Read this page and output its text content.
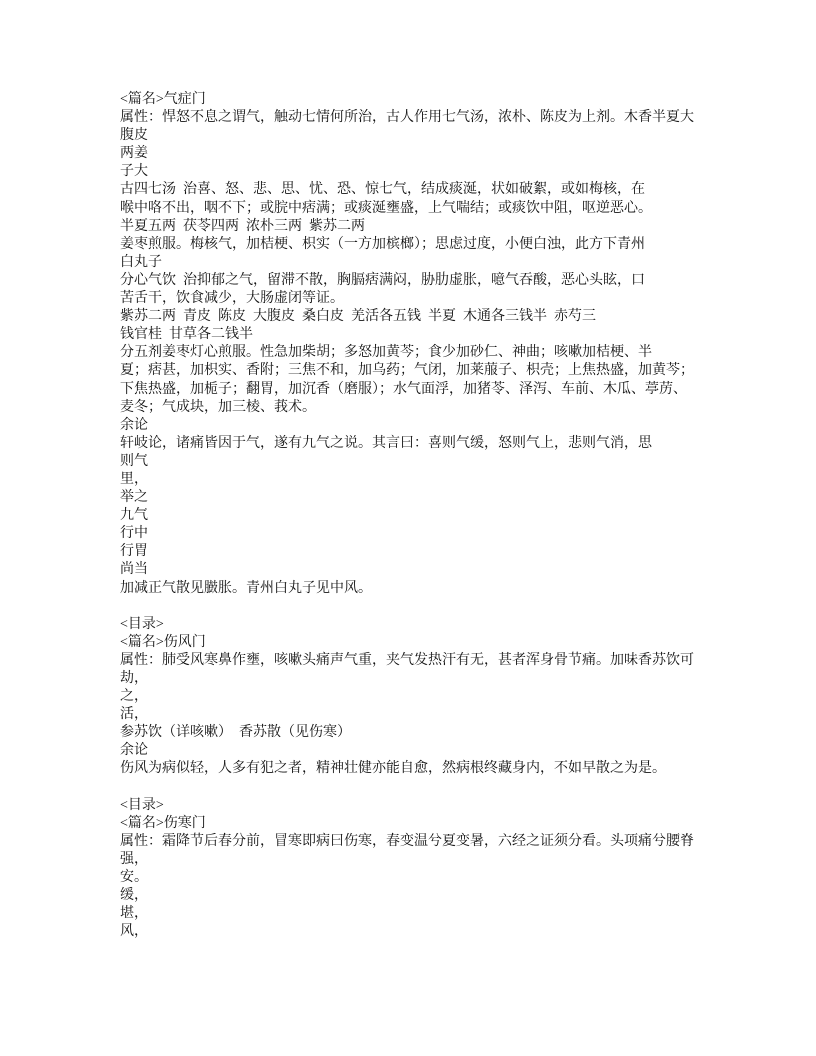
<篇名>气症门
属性：悍怒不息之谓气，触动七情何所治，古人作用七气汤，浓朴、陈皮为上剂。木香半夏大
腹皮
两姜
子大
古四七汤  治喜、怒、悲、思、忧、恐、惊七气，结成痰涎，状如破絮，或如梅核，在
喉中咯不出，咽不下；或脘中痞满；或痰涎壅盛，上气喘结；或痰饮中阻，呕逆恶心。
半夏五两  茯苓四两  浓朴三两  紫苏二两
姜枣煎服。梅核气，加桔梗、枳实（一方加槟榔）；思虑过度，小便白浊，此方下青州
白丸子
分心气饮  治抑郁之气，留滞不散，胸膈痞满闷，胁肋虚胀，噫气吞酸，恶心头眩，口
苦舌干，饮食减少，大肠虚闭等证。
紫苏二两  青皮  陈皮  大腹皮  桑白皮  羌活各五钱  半夏  木通各三钱半  赤芍三
钱官桂  甘草各二钱半
分五剂姜枣灯心煎服。性急加柴胡；多怒加黄芩；食少加砂仁、神曲；咳嗽加桔梗、半
夏；痞甚，加枳实、香附；三焦不和，加乌药；气闭，加莱菔子、枳壳；上焦热盛，加黄芩；
下焦热盛，加栀子；翻胃，加沉香（磨服）；水气面浮，加猪苓、泽泻、车前、木瓜、葶苈、
麦冬；气成块，加三棱、莪术。
余论
轩岐论，诸痛皆因于气，遂有九气之说。其言曰：喜则气缓，怒则气上，悲则气消，思
则气
里，
举之
九气
行中
行胃
尚当
加减正气散见臌胀。青州白丸子见中风。
<目录>
<篇名>伤风门
属性：肺受风寒鼻作壅，咳嗽头痛声气重，夹气发热汗有无，甚者浑身骨节痛。加味香苏饮可
劫，
之，
活，
参苏饮（详咳嗽）  香苏散（见伤寒）
余论
伤风为病似轻，人多有犯之者，精神壮健亦能自愈，然病根终藏身内，不如早散之为是。
<目录>
<篇名>伤寒门
属性：霜降节后春分前，冒寒即病曰伤寒，春变温兮夏变暑，六经之证须分看。头项痛兮腰脊
强，
安。
缓，
堪，
风，
